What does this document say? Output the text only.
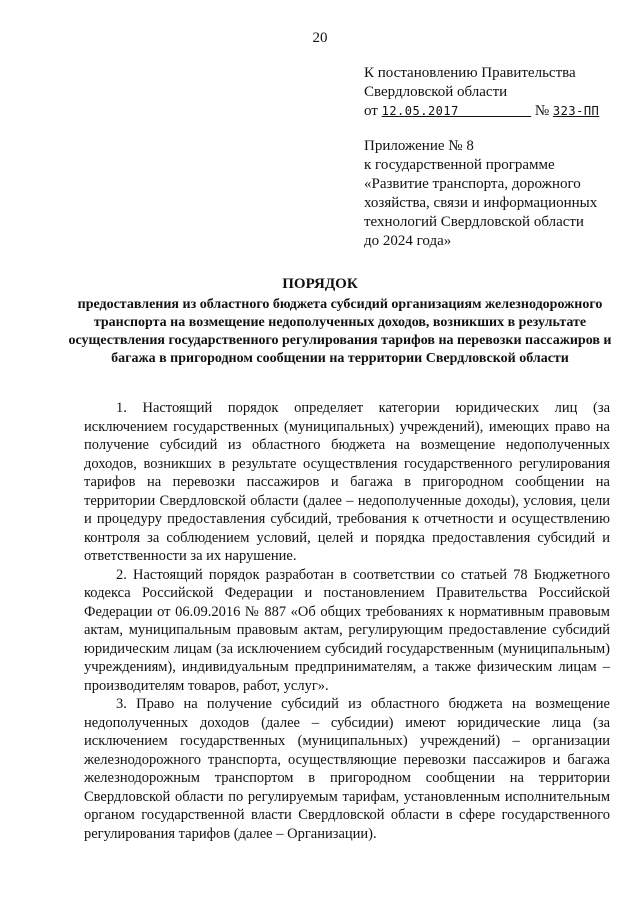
20
К постановлению Правительства
Свердловской области
от 12.05.2017	№ 323-ПП
Приложение № 8
к государственной программе
«Развитие транспорта, дорожного
хозяйства, связи и информационных
технологий Свердловской области
до 2024 года»
ПОРЯДОК
предоставления из областного бюджета субсидий организациям железнодорожного транспорта на возмещение недополученных доходов, возникших в результате осуществления государственного регулирования тарифов на перевозки пассажиров и багажа в пригородном сообщении на территории Свердловской области

1. Настоящий порядок определяет категории юридических лиц (за исключением государственных (муниципальных) учреждений), имеющих право на получение субсидий из областного бюджета на возмещение недополученных доходов, возникших в результате осуществления государственного регулирования тарифов на перевозки пассажиров и багажа в пригородном сообщении на территории Свердловской области (далее – недополученные доходы), условия, цели и процедуру предоставления субсидий, требования к отчетности и осуществлению контроля за соблюдением условий, целей и порядка предоставления субсидий и ответственности за их нарушение.

2. Настоящий порядок разработан в соответствии со статьей 78 Бюджетного кодекса Российской Федерации и постановлением Правительства Российской Федерации от 06.09.2016 № 887 «Об общих требованиях к нормативным правовым актам, муниципальным правовым актам, регулирующим предоставление субсидий юридическим лицам (за исключением субсидий государственным (муниципальным) учреждениям), индивидуальным предпринимателям, а также физическим лицам – производителям товаров, работ, услуг».

3. Право на получение субсидий из областного бюджета на возмещение недополученных доходов (далее – субсидии) имеют юридические лица (за исключением государственных (муниципальных) учреждений) – организации железнодорожного транспорта, осуществляющие перевозки пассажиров и багажа железнодорожным транспортом в пригородном сообщении на территории Свердловской области по регулируемым тарифам, установленным исполнительным органом государственной власти Свердловской области в сфере государственного регулирования тарифов (далее – Организации).
